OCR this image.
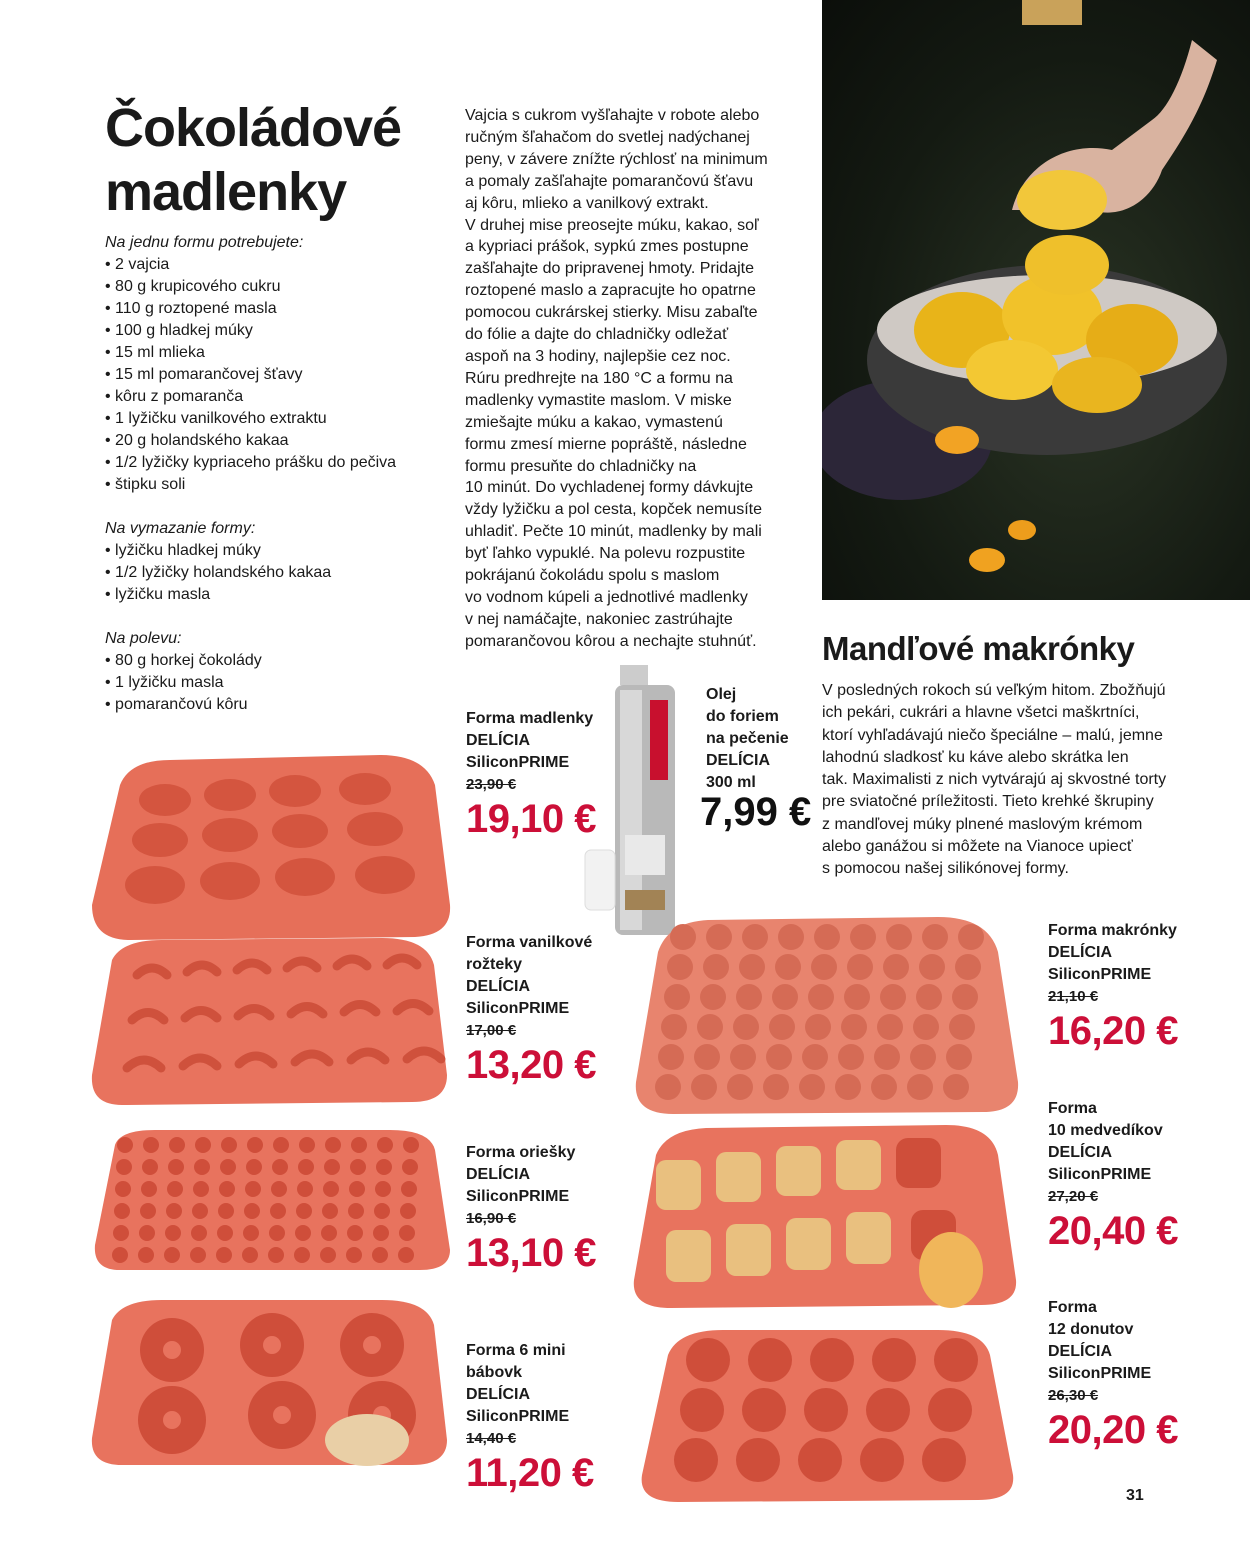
Čokoládové
madlenky

Na jednu formu potrebujete:

• 2 vajcia
• 80 g krupicového cukru
• 110 g roztopené masla
• 100 g hladkej múky
• 15 ml mlieka
• 15 ml pomarančovej šťavy
• kôru z pomaranča
• 1 lyžičku vanilkového extraktu
• 20 g holandského kakaa
• 1/2 lyžičky kypriaceho prášku do pečiva
• štipku soli

Na vymazanie formy:

• lyžičku hladkej múky
• 1/2 lyžičky holandského kakaa
• lyžičku masla

Na polevu:

• 80 g horkej čokolády
• 1 lyžičku masla
• pomarančovú kôru
Vajcia s cukrom vyšľahajte v robote alebo
ručným šľahačom do svetlej nadýchanej
peny, v závere znížte rýchlosť na minimum
a pomaly zašľahajte pomarančovú šťavu
aj kôru, mlieko a vanilkový extrakt.
V druhej mise preosejte múku, kakao, soľ
a kypriaci prášok, sypkú zmes postupne
zašľahajte do pripravenej hmoty. Pridajte
roztopené maslo a zapracujte ho opatrne
pomocou cukrárskej stierky. Misu zabaľte
do fólie a dajte do chladničky odležať
aspoň na 3 hodiny, najlepšie cez noc.
Rúru predhrejte na 180 °C a formu na
madlenky vymastite maslom. V miske
zmiešajte múku a kakao, vymastenú
formu zmesí mierne popráště, následne
formu presuňte do chladničky na
10 minút. Do vychladenej formy dávkujte
vždy lyžičku a pol cesta, kopček nemusíte
uhladiť. Pečte 10 minút, madlenky by mali
byť ľahko vypuklé. Na polevu rozpustite
pokrájanú čokoládu spolu s maslom
vo vodnom kúpeli a jednotlivé madlenky
v nej namáčajte, nakoniec zastrúhajte
pomarančovou kôrou a nechajte stuhnúť.	Mandľové makrónky
V posledných rokoch sú veľkým hitom. Zbožňujú
ich pekári, cukrári a hlavne všetci maškrtníci,
ktorí vyhľadávajú niečo špeciálne – malú, jemne
lahodnú sladkosť ku káve alebo skrátka len
tak. Maximalisti z nich vytvárajú aj skvostné torty
pre sviatočné príležitosti. Tieto krehké škrupiny
z mandľovej múky plnené maslovým krémom
alebo ganážou si môžete na Vianoce upiecť
s pomocou našej silikónovej formy.
Forma madlenky
DELÍCIA
SiliconPRIME
23,90 €
19,10 €
Olej
do foriem
na pečenie
DELÍCIA
300 ml
7,99 €
Forma vanilkové
rožteky
DELÍCIA
SiliconPRIME
17,00 €
13,20 €
Forma oriešky
DELÍCIA
SiliconPRIME
16,90 €
13,10 €
Forma 6 mini
bábovk
DELÍCIA
SiliconPRIME
14,40 €
11,20 €
Forma makrónky
DELÍCIA
SiliconPRIME
21,10 €
16,20 €
Forma
10 medvedíkov
DELÍCIA
SiliconPRIME
27,20 €
20,40 €
Forma
12 donutov
DELÍCIA
SiliconPRIME
26,30 €
20,20 €
31
